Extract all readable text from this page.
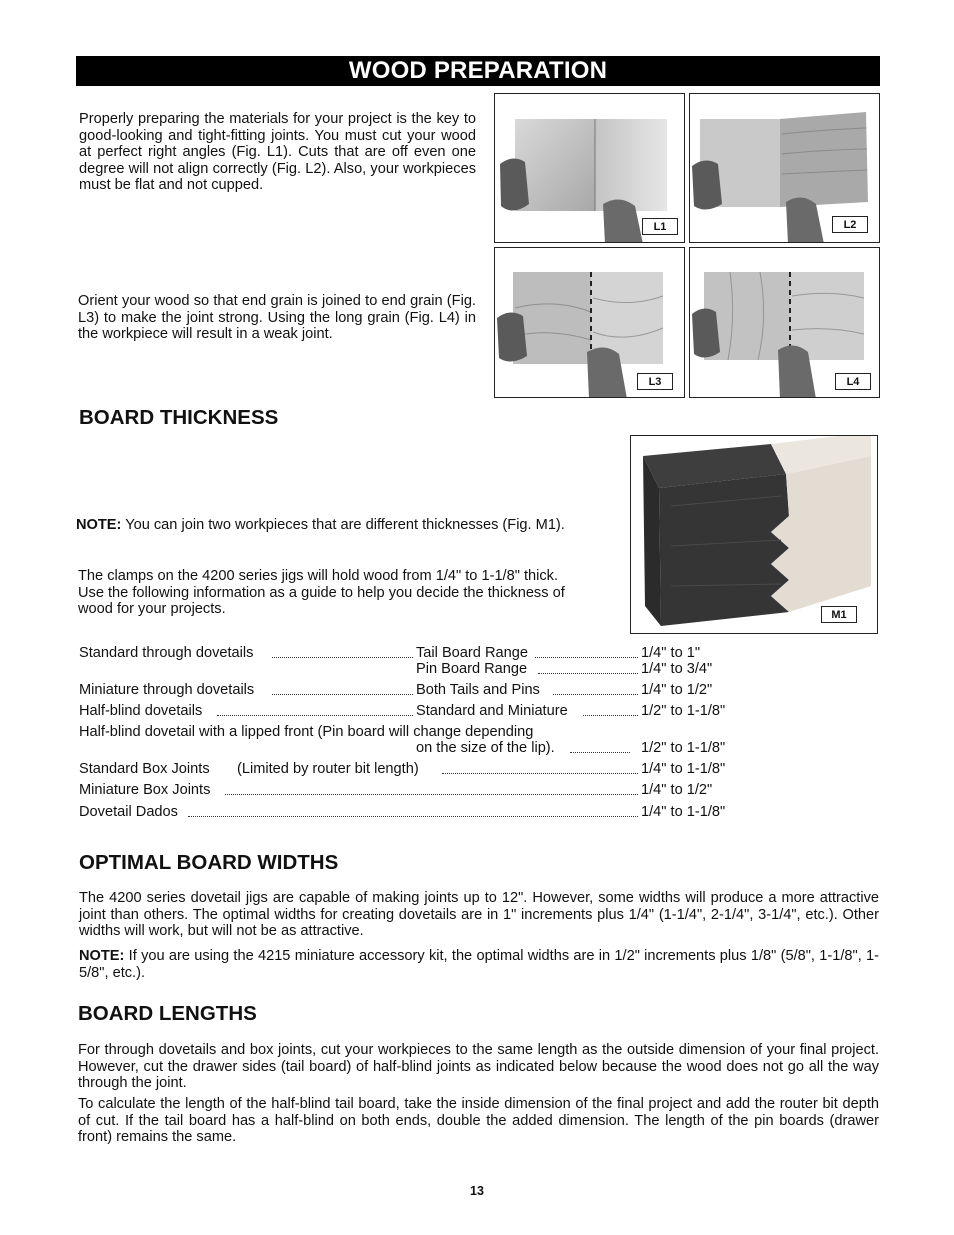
WOOD PREPARATION

Properly preparing the materials for your project is the key to good-looking and tight-fitting joints. You must cut your wood at perfect right angles (Fig. L1). Cuts that are off even one degree will not align correctly (Fig. L2). Also, your workpieces must be flat and not cupped.

Orient your wood so that end grain is joined to end grain (Fig. L3) to make the joint strong. Using the long grain (Fig. L4) in the workpiece will result in a weak joint.

L1	L2
L3	L4
BOARD THICKNESS

NOTE: You can join two workpieces that are different thicknesses (Fig. M1).

The clamps on the 4200 series jigs will hold wood from 1/4" to 1-1/8" thick. Use the following information as a guide to help you decide the thickness of wood for your projects.	M1
Standard through dovetails	Tail Board Range	1/4" to 1"
Pin Board Range	1/4" to 3/4"
Miniature through dovetails	Both Tails and Pins	1/4" to 1/2"
Half-blind dovetails	Standard and Miniature	1/2" to 1-1/8"
Half-blind dovetail with a lipped front (Pin board will change depending
on the size of the lip).	1/2" to 1-1/8"
Standard Box Joints (Limited by router bit length)	1/4" to 1-1/8"
Miniature Box Joints	1/4" to 1/2"
Dovetail Dados	1/4" to 1-1/8"
OPTIMAL BOARD WIDTHS

The 4200 series dovetail jigs are capable of making joints up to 12". However, some widths will produce a more attractive joint than others. The optimal widths for creating dovetails are in 1" increments plus 1/4" (1-1/4", 2-1/4", 3-1/4", etc.). Other widths will work, but will not be as attractive.

NOTE: If you are using the 4215 miniature accessory kit, the optimal widths are in 1/2" increments plus 1/8" (5/8", 1-1/8", 1-5/8", etc.).

BOARD LENGTHS

For through dovetails and box joints, cut your workpieces to the same length as the outside dimension of your final project. However, cut the drawer sides (tail board) of half-blind joints as indicated below because the wood does not go all the way through the joint.

To calculate the length of the half-blind tail board, take the inside dimension of the final project and add the router bit depth of cut. If the tail board has a half-blind on both ends, double the added dimension. The length of the pin boards (drawer front) remains the same.

13
